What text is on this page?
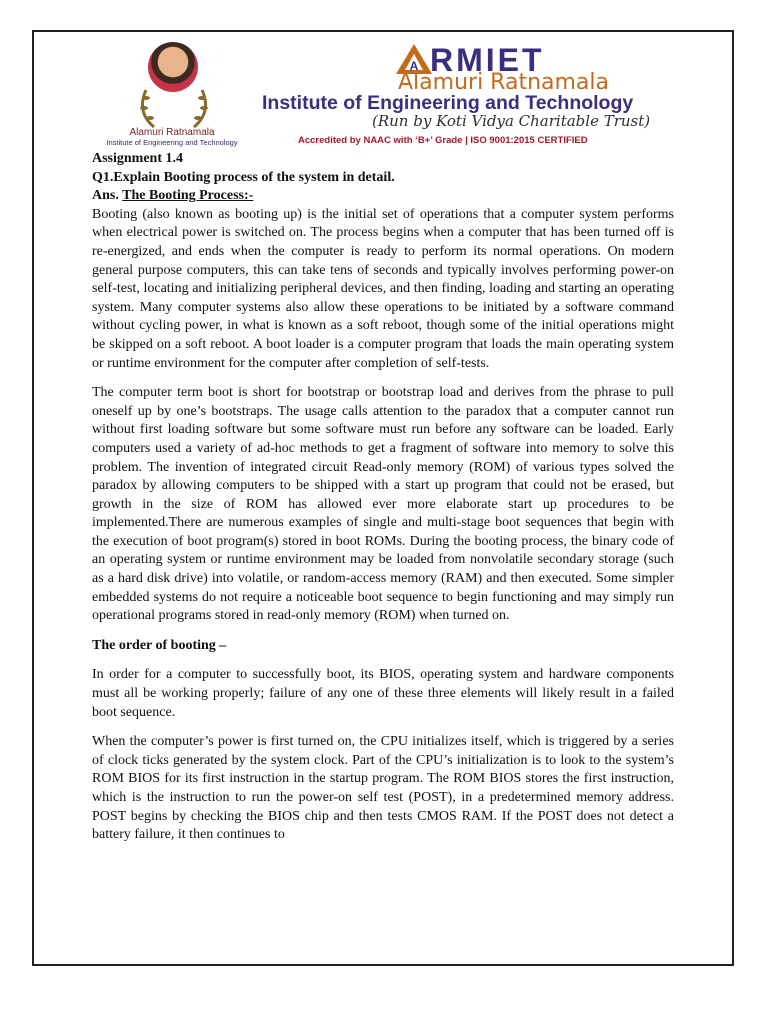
Alamuri Ratnamala
Institute of Engineering and Technology
A RMIET
Alamuri Ratnamala
Institute of Engineering and Technology
(Run by Koti Vidya Charitable Trust)
Accredited by NAAC with ‘B+’ Grade | ISO 9001:2015 CERTIFIED

Assignment 1.4

Q1.Explain Booting process of the system in detail.

Ans. The Booting Process:-

Booting (also known as booting up) is the initial set of operations that a computer system performs when electrical power is switched on. The process begins when a computer that has been turned off is re-energized, and ends when the computer is ready to perform its normal operations. On modern general purpose computers, this can take tens of seconds and typically involves performing power-on self-test, locating and initializing peripheral devices, and then finding, loading and starting an operating system. Many computer systems also allow these operations to be initiated by a software command without cycling power, in what is known as a soft reboot, though some of the initial operations might be skipped on a soft reboot. A boot loader is a computer program that loads the main operating system or runtime environment for the computer after completion of self-tests.

The computer term boot is short for bootstrap or bootstrap load and derives from the phrase to pull oneself up by one’s bootstraps. The usage calls attention to the paradox that a computer cannot run without first loading software but some software must run before any software can be loaded. Early computers used a variety of ad-hoc methods to get a fragment of software into memory to solve this problem. The invention of integrated circuit Read-only memory (ROM) of various types solved the paradox by allowing computers to be shipped with a start up program that could not be erased, but growth in the size of ROM has allowed ever more elaborate start up procedures to be implemented.There are numerous examples of single and multi-stage boot sequences that begin with the execution of boot program(s) stored in boot ROMs. During the booting process, the binary code of an operating system or runtime environment may be loaded from nonvolatile secondary storage (such as a hard disk drive) into volatile, or random-access memory (RAM) and then executed. Some simpler embedded systems do not require a noticeable boot sequence to begin functioning and may simply run operational programs stored in read-only memory (ROM) when turned on.

The order of booting –

In order for a computer to successfully boot, its BIOS, operating system and hardware components must all be working properly; failure of any one of these three elements will likely result in a failed boot sequence.

When the computer’s power is first turned on, the CPU initializes itself, which is triggered by a series of clock ticks generated by the system clock. Part of the CPU’s initialization is to look to the system’s ROM BIOS for its first instruction in the startup program. The ROM BIOS stores the first instruction, which is the instruction to run the power-on self test (POST), in a predetermined memory address. POST begins by checking the BIOS chip and then tests CMOS RAM. If the POST does not detect a battery failure, it then continues to
